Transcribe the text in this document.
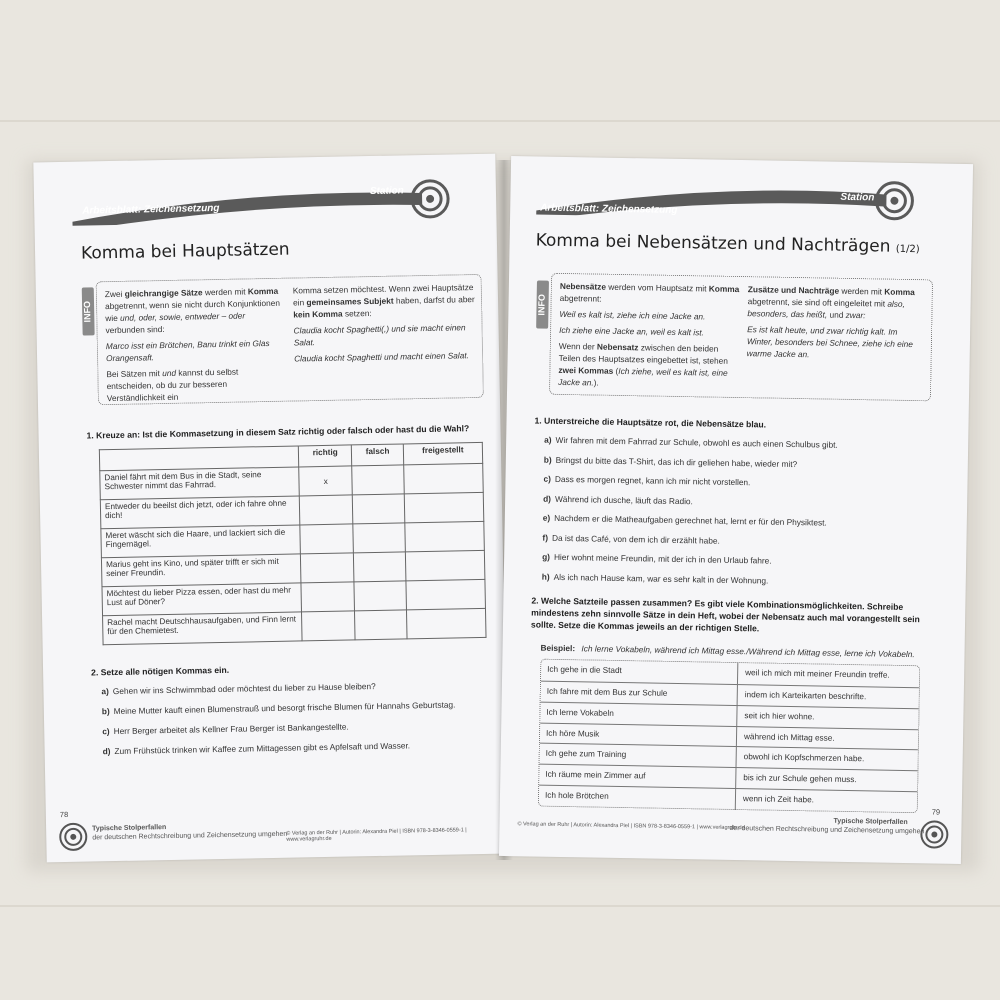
Arbeitsblatt: Zeichensetzung
Station
Komma bei Hauptsätzen
INFO

Zwei gleichrangige Sätze werden mit Komma abgetrennt, wenn sie nicht durch Konjunktionen wie und, oder, sowie, entweder – oder verbunden sind:

Marco isst ein Brötchen, Banu trinkt ein Glas Orangensaft.

Bei Sätzen mit und kannst du selbst entscheiden, ob du zur besseren Verständlichkeit ein

Komma setzen möchtest. Wenn zwei Hauptsätze ein gemeinsames Subjekt haben, darfst du aber kein Komma setzen:

Claudia kocht Spaghetti(,) und sie macht einen Salat.

Claudia kocht Spaghetti und macht einen Salat.

1. Kreuze an: Ist die Kommasetzung in diesem Satz richtig oder falsch oder hast du die Wahl?
	richtig	falsch	freigestellt
Daniel fährt mit dem Bus in die Stadt, seine Schwester nimmt das Fahrrad.	x		
Entweder du beeilst dich jetzt, oder ich fahre ohne dich!			
Meret wäscht sich die Haare, und lackiert sich die Fingernägel.			
Marius geht ins Kino, und später trifft er sich mit seiner Freundin.			
Möchtest du lieber Pizza essen, oder hast du mehr Lust auf Döner?			
Rachel macht Deutschhausaufgaben, und Finn lernt für den Chemietest.			
2. Setze alle nötigen Kommas ein.
a) Gehen wir ins Schwimmbad oder möchtest du lieber zu Hause bleiben?
b) Meine Mutter kauft einen Blumenstrauß und besorgt frische Blumen für Hannahs Geburtstag.
c) Herr Berger arbeitet als Kellner Frau Berger ist Bankangestellte.
d) Zum Frühstück trinken wir Kaffee zum Mittagessen gibt es Apfelsaft und Wasser.
78
Typische Stolperfallen
der deutschen Rechtschreibung und Zeichensetzung umgehen
© Verlag an der Ruhr | Autorin: Alexandra Piel | ISBN 978-3-8346-0559-1 | www.verlagruhr.de
Arbeitsblatt: Zeichensetzung
Station
Komma bei Nebensätzen und Nachträgen (1/2)
INFO

Nebensätze werden vom Hauptsatz mit Komma abgetrennt:

Weil es kalt ist, ziehe ich eine Jacke an.

Ich ziehe eine Jacke an, weil es kalt ist.

Wenn der Nebensatz zwischen den beiden Teilen des Hauptsatzes eingebettet ist, stehen zwei Kommas (Ich ziehe, weil es kalt ist, eine Jacke an.).

Zusätze und Nachträge werden mit Komma abgetrennt, sie sind oft eingeleitet mit also, besonders, das heißt, und zwar:

Es ist kalt heute, und zwar richtig kalt. Im Winter, besonders bei Schnee, ziehe ich eine warme Jacke an.

1. Unterstreiche die Hauptsätze rot, die Nebensätze blau.
a) Wir fahren mit dem Fahrrad zur Schule, obwohl es auch einen Schulbus gibt.
b) Bringst du bitte das T-Shirt, das ich dir geliehen habe, wieder mit?
c) Dass es morgen regnet, kann ich mir nicht vorstellen.
d) Während ich dusche, läuft das Radio.
e) Nachdem er die Matheaufgaben gerechnet hat, lernt er für den Physiktest.
f) Da ist das Café, von dem ich dir erzählt habe.
g) Hier wohnt meine Freundin, mit der ich in den Urlaub fahre.
h) Als ich nach Hause kam, war es sehr kalt in der Wohnung.
2. Welche Satzteile passen zusammen? Es gibt viele Kombinationsmöglichkeiten. Schreibe mindestens zehn sinnvolle Sätze in dein Heft, wobei der Nebensatz auch mal vorangestellt sein sollte. Setze die Kommas jeweils an der richtigen Stelle.
Beispiel: Ich lerne Vokabeln, während ich Mittag esse./Während ich Mittag esse, lerne ich Vokabeln.
Ich gehe in die Stadt	weil ich mich mit meiner Freundin treffe.
Ich fahre mit dem Bus zur Schule	indem ich Karteikarten beschrifte.
Ich lerne Vokabeln	seit ich hier wohne.
Ich höre Musik	während ich Mittag esse.
Ich gehe zum Training	obwohl ich Kopfschmerzen habe.
Ich räume mein Zimmer auf	bis ich zur Schule gehen muss.
Ich hole Brötchen	wenn ich Zeit habe.
79
Typische Stolperfallen
der deutschen Rechtschreibung und Zeichensetzung umgehen
© Verlag an der Ruhr | Autorin: Alexandra Piel | ISBN 978-3-8346-0559-1 | www.verlagruhr.de
